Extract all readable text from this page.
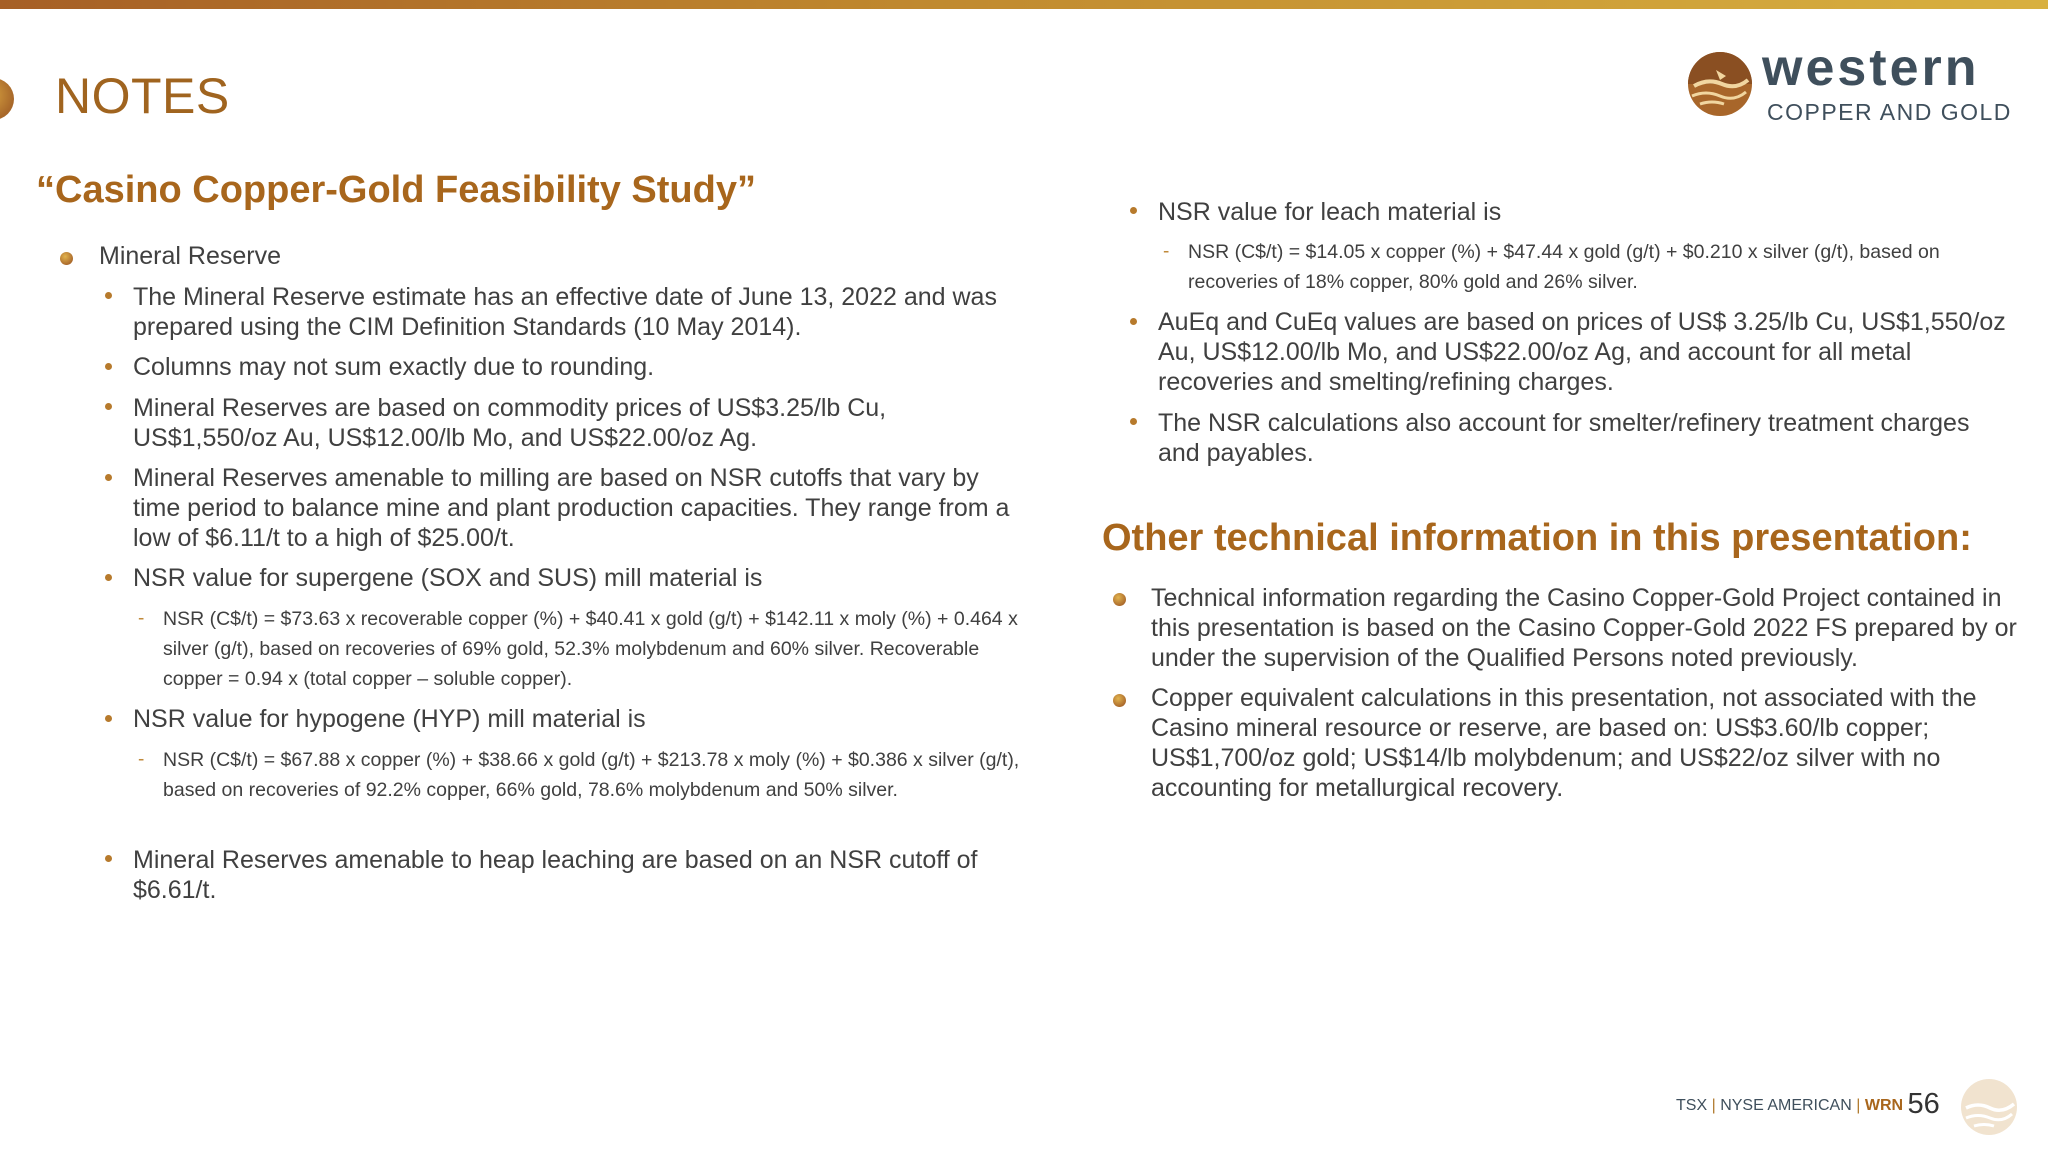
NOTES	western
COPPER AND GOLD
“Casino Copper-Gold Feasibility Study”
Mineral Reserve
The Mineral Reserve estimate has an effective date of June 13, 2022 and was prepared using the CIM Definition Standards (10 May 2014).
Columns may not sum exactly due to rounding.
Mineral Reserves are based on commodity prices of US$3.25/lb Cu, US$1,550/oz Au, US$12.00/lb Mo, and US$22.00/oz Ag.
Mineral Reserves amenable to milling are based on NSR cutoffs that vary by time period to balance mine and plant production capacities. They range from a low of $6.11/t to a high of $25.00/t.
NSR value for supergene (SOX and SUS) mill material is
- NSR (C$/t) = $73.63 x recoverable copper (%) + $40.41 x gold (g/t) + $142.11 x moly (%) + 0.464 x silver (g/t), based on recoveries of 69% gold, 52.3% molybdenum and 60% silver. Recoverable copper = 0.94 x (total copper – soluble copper).
NSR value for hypogene (HYP) mill material is
- NSR (C$/t) = $67.88 x copper (%) + $38.66 x gold (g/t) + $213.78 x moly (%) + $0.386 x silver (g/t), based on recoveries of 92.2% copper, 66% gold, 78.6% molybdenum and 50% silver.
Mineral Reserves amenable to heap leaching are based on an NSR cutoff of $6.61/t.
NSR value for leach material is
- NSR (C$/t) = $14.05 x copper (%) + $47.44 x gold (g/t) + $0.210 x silver (g/t), based on recoveries of 18% copper, 80% gold and 26% silver.
AuEq and CuEq values are based on prices of US$ 3.25/lb Cu, US$1,550/oz Au, US$12.00/lb Mo, and US$22.00/oz Ag, and account for all metal recoveries and smelting/refining charges.
The NSR calculations also account for smelter/refinery treatment charges and payables.
Other technical information in this presentation:
Technical information regarding the Casino Copper-Gold Project contained in this presentation is based on the Casino Copper-Gold 2022 FS prepared by or under the supervision of the Qualified Persons noted previously.
Copper equivalent calculations in this presentation, not associated with the Casino mineral resource or reserve, are based on: US$3.60/lb copper; US$1,700/oz gold; US$14/lb molybdenum; and US$22/oz silver with no accounting for metallurgical recovery.
TSX | NYSE AMERICAN | WRN 56
